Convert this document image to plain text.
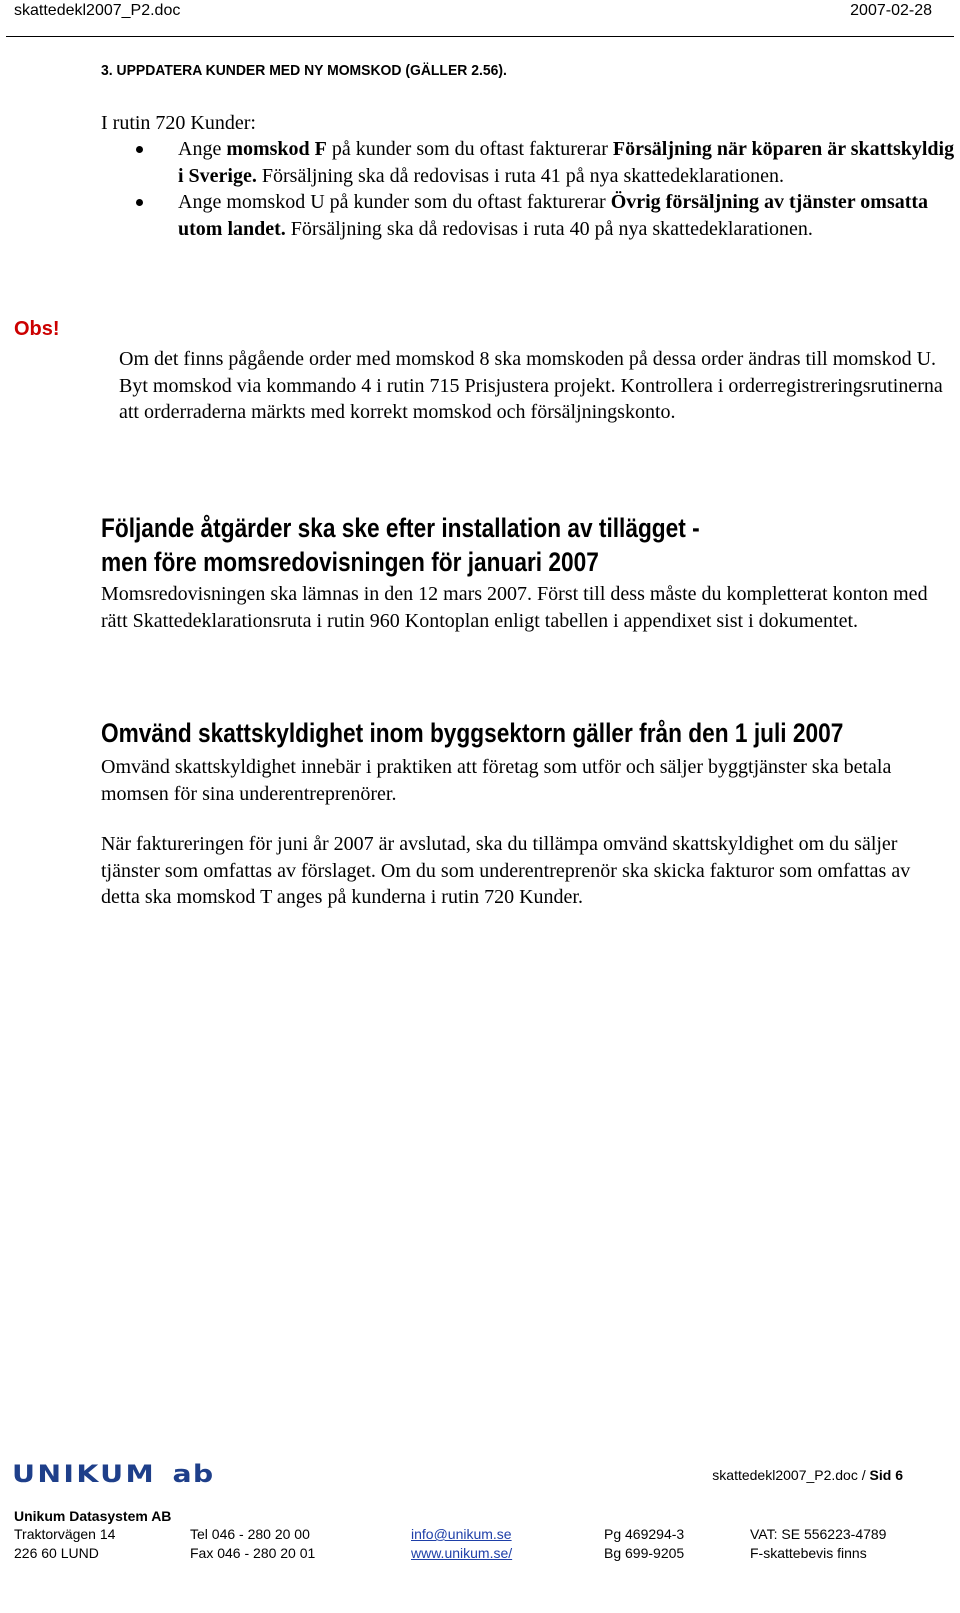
skattedekl2007_P2.doc	2007-02-28
3. UPPDATERA KUNDER MED NY MOMSKOD (GÄLLER 2.56).
I rutin 720 Kunder:
Ange momskod F på kunder som du oftast fakturerar Försäljning när köparen är skattskyldig i Sverige. Försäljning ska då redovisas i ruta 41 på nya skattedeklarationen.
Ange momskod U på kunder som du oftast fakturerar Övrig försäljning av tjänster omsatta utom landet. Försäljning ska då redovisas i ruta 40 på nya skattedeklarationen.
Obs!
Om det finns pågående order med momskod 8 ska momskoden på dessa order ändras till momskod U. Byt momskod via kommando 4 i rutin 715 Prisjustera projekt. Kontrollera i orderregistreringsrutinerna att orderraderna märkts med korrekt momskod och försäljningskonto.
Följande åtgärder ska ske efter installation av tillägget -
men före momsredovisningen för januari 2007
Momsredovisningen ska lämnas in den 12 mars 2007. Först till dess måste du kompletterat konton med rätt Skattedeklarationsruta i rutin 960 Kontoplan enligt tabellen i appendixet sist i dokumentet.
Omvänd skattskyldighet inom byggsektorn gäller från den 1 juli 2007
Omvänd skattskyldighet innebär i praktiken att företag som utför och säljer byggtjänster ska betala momsen för sina underentreprenörer.
När faktureringen för juni år 2007 är avslutad, ska du tillämpa omvänd skattskyldighet om du säljer tjänster som omfattas av förslaget. Om du som underentreprenör ska skicka fakturor som omfattas av detta ska momskod T anges på kunderna i rutin 720 Kunder.
UNIKUM ab	skattedekl2007_P2.doc / Sid 6
Unikum Datasystem AB
Traktorvägen 14
226 60 LUND
Tel 046 - 280 20 00
Fax 046 - 280 20 01
info@unikum.se
www.unikum.se/
Pg 469294-3
Bg 699-9205
VAT: SE 556223-4789
F-skattebevis finns
